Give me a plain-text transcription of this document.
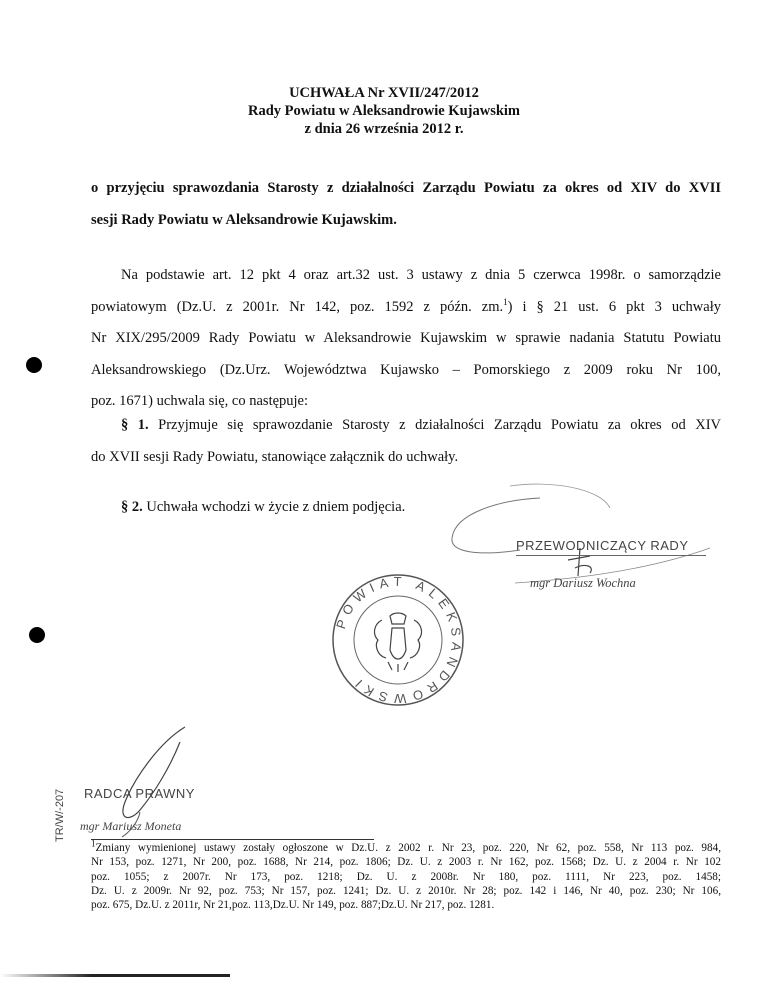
UCHWAŁA Nr XVII/247/2012
Rady Powiatu w Aleksandrowie Kujawskim
z dnia 26 września 2012 r.
o przyjęciu sprawozdania Starosty z działalności Zarządu Powiatu za okres od XIV do XVII
sesji Rady Powiatu w Aleksandrowie Kujawskim.
Na podstawie art. 12 pkt 4 oraz art.32 ust. 3 ustawy z dnia 5 czerwca 1998r. o samorządzie
powiatowym (Dz.U. z 2001r. Nr 142, poz. 1592 z późn. zm.$^1$) i § 21 ust. 6 pkt 3 uchwały
Nr XIX/295/2009 Rady Powiatu w Aleksandrowie Kujawskim w sprawie nadania Statutu Powiatu
Aleksandrowskiego (Dz.Urz. Województwa Kujawsko – Pomorskiego z 2009 roku Nr 100,
poz. 1671) uchwala się, co następuje:
§ 1. Przyjmuje się sprawozdanie Starosty z działalności Zarządu Powiatu za okres od XIV
do XVII sesji Rady Powiatu, stanowiące załącznik do uchwały.
§ 2. Uchwała wchodzi w życie z dniem podjęcia.
PRZEWODNICZĄCY RADY
mgr Dariusz Wochna
POWIAT ALEKSANDROWSKI
RADCA PRAWNY
mgr Mariusz Moneta
TR/W/-207
$^1$Zmiany wymienionej ustawy zostały ogłoszone w Dz.U. z 2002 r. Nr 23, poz. 220, Nr 62, poz. 558, Nr 113 poz. 984,
Nr 153, poz. 1271, Nr 200, poz. 1688, Nr 214, poz. 1806; Dz. U. z 2003 r. Nr 162, poz. 1568; Dz. U. z 2004 r. Nr 102
poz. 1055; z 2007r. Nr 173, poz. 1218; Dz. U. z 2008r. Nr 180, poz. 1111, Nr 223, poz. 1458;
Dz. U. z 2009r. Nr 92, poz. 753; Nr 157, poz. 1241; Dz. U. z 2010r. Nr 28; poz. 142 i 146, Nr 40, poz. 230; Nr 106,
poz. 675, Dz.U. z 2011r, Nr 21,poz. 113,Dz.U. Nr 149, poz. 887;Dz.U. Nr 217, poz. 1281.
